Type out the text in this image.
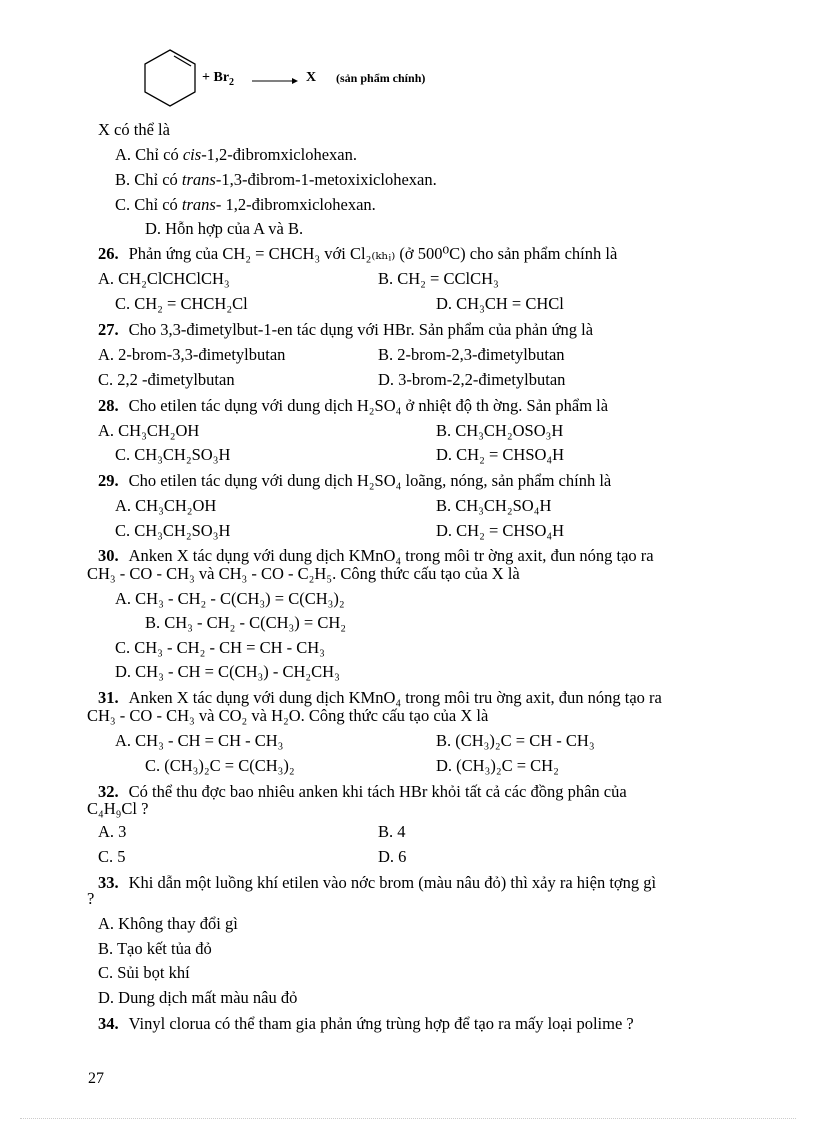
+ $Br_2$	X (sản phẩm chính)
X có thể là
A. Chỉ có cis-1,2-đibromxiclohexan.
B. Chỉ có trans-1,3-đibrom-1-metoxixiclohexan.
C. Chỉ có trans- 1,2-đibromxiclohexan.
D. Hỗn hợp của A và B.
26. Phản ứng của CH₂ = CHCH₃ với Cl₂₍ₖₕᵢ₎ (ở 500⁰C) cho sản phẩm chính là
A. CH₂ClCHClCH₃	B. CH₂ = CClCH₃
C. CH₂ = CHCH₂Cl	D. CH₃CH = CHCl
27. Cho 3,3-đimetylbut-1-en tác dụng với HBr. Sản phẩm của phản ứng là
A. 2-brom-3,3-đimetylbutan	B. 2-brom-2,3-đimetylbutan
C. 2,2 -đimetylbutan	D. 3-brom-2,2-đimetylbutan
28. Cho etilen tác dụng với dung dịch H₂SO₄ ở nhiệt độ th ờng. Sản phẩm là
A. CH₃CH₂OH	B. CH₃CH₂OSO₃H
C. CH₃CH₂SO₃H	D. CH₂ = CHSO₄H
29. Cho etilen tác dụng với dung dịch H₂SO₄ loãng, nóng, sản phẩm chính là
A. CH₃CH₂OH	B. CH₃CH₂SO₄H
C. CH₃CH₂SO₃H	D. CH₂ = CHSO₄H
30. Anken X tác dụng với dung dịch KMnO₄ trong môi tr ờng axit, đun nóng tạo ra
CH₃ - CO - CH₃ và CH₃ - CO - C₂H₅. Công thức cấu tạo của X là
A. CH₃ - CH₂ - C(CH₃) = C(CH₃)₂
B. CH₃ - CH₂ - C(CH₃) = CH₂
C. CH₃ - CH₂ - CH = CH - CH₃
D. CH₃ - CH = C(CH₃) - CH₂CH₃
31. Anken X tác dụng với dung dịch KMnO₄ trong môi tru ờng axit, đun nóng tạo ra
CH₃ - CO - CH₃ và CO₂ và H₂O. Công thức cấu tạo của X là
A. CH₃ - CH = CH - CH₃	B. (CH₃)₂C = CH - CH₃
C. (CH₃)₂C = C(CH₃)₂	D. (CH₃)₂C = CH₂
32. Có thể thu đợc bao nhiêu anken khi tách HBr khỏi tất cả các đồng phân của
C₄H₉Cl ?
A. 3	B. 4
C. 5	D. 6
33. Khi dẫn một luồng khí etilen vào nớc brom (màu nâu đỏ) thì xảy ra hiện tợng gì
?
A. Không thay đổi gì
B. Tạo kết tủa đỏ
C. Sủi bọt khí
D. Dung dịch mất màu nâu đỏ
34. Vinyl clorua có thể tham gia phản ứng trùng hợp để tạo ra mấy loại polime ?
27
